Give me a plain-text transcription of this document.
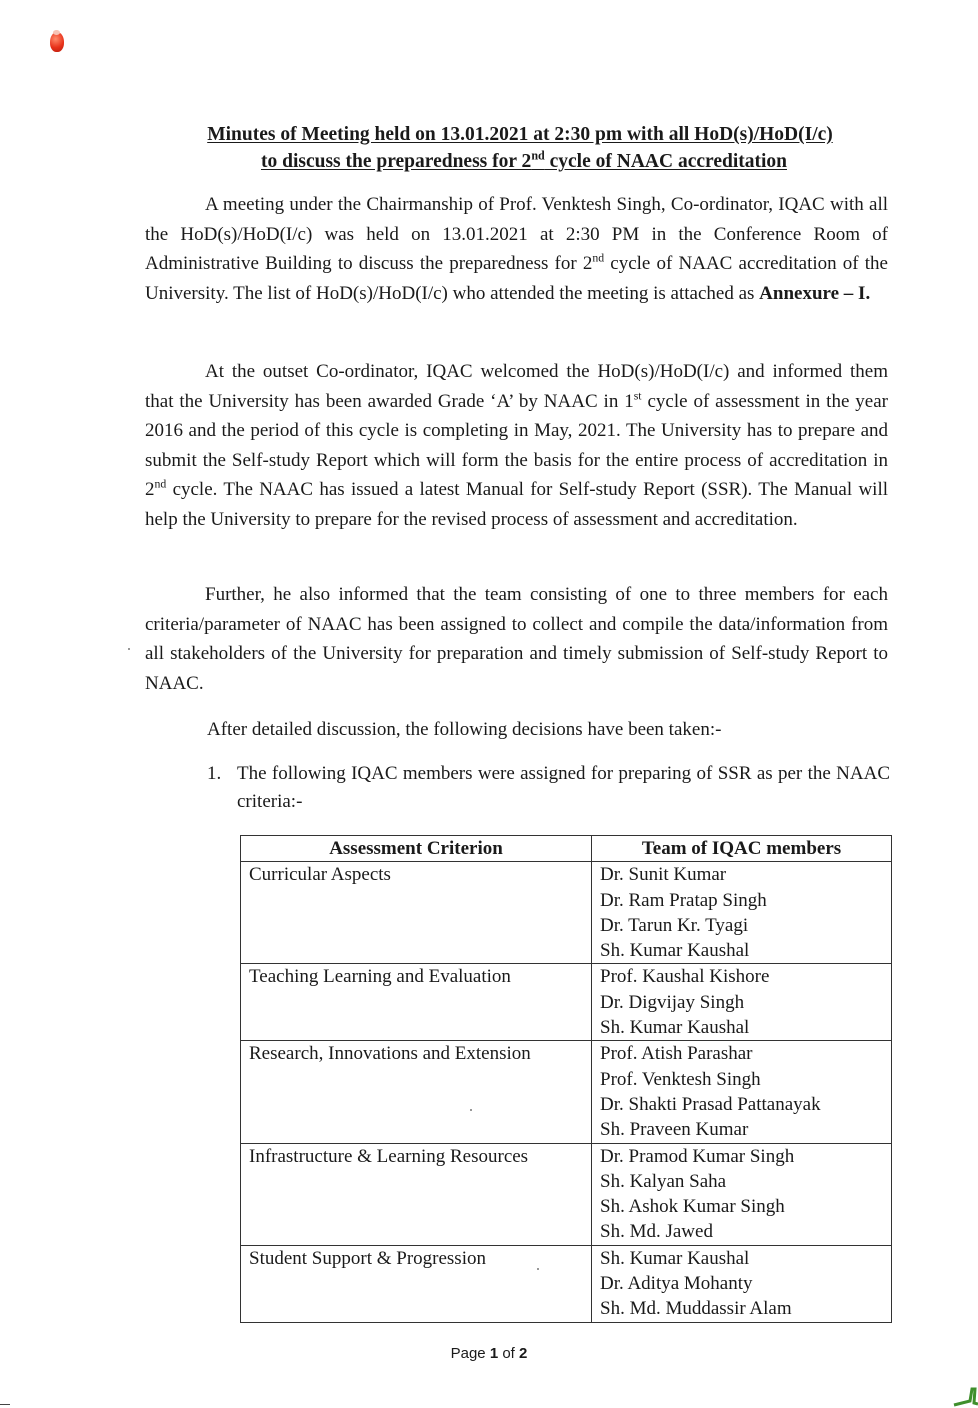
Minutes of Meeting held on 13.01.2021 at 2:30 pm with all HoD(s)/HoD(I/c)
to discuss the preparedness for 2nd cycle of NAAC accreditation
A meeting under the Chairmanship of Prof. Venktesh Singh, Co-ordinator, IQAC with all the HoD(s)/HoD(I/c) was held on 13.01.2021 at 2:30 PM in the Conference Room of Administrative Building to discuss the preparedness for 2nd cycle of NAAC accreditation of the University. The list of HoD(s)/HoD(I/c) who attended the meeting is attached as Annexure – I.
At the outset Co-ordinator, IQAC welcomed the HoD(s)/HoD(I/c) and informed them that the University has been awarded Grade ‘A’ by NAAC in 1st cycle of assessment in the year 2016 and the period of this cycle is completing in May, 2021. The University has to prepare and submit the Self-study Report which will form the basis for the entire process of accreditation in 2nd cycle. The NAAC has issued a latest Manual for Self-study Report (SSR). The Manual will help the University to prepare for the revised process of assessment and accreditation.
Further, he also informed that the team consisting of one to three members for each criteria/parameter of NAAC has been assigned to collect and compile the data/information from all stakeholders of the University for preparation and timely submission of Self-study Report to NAAC.
After detailed discussion, the following decisions have been taken:-
1. The following IQAC members were assigned for preparing of SSR as per the NAAC criteria:-
Assessment Criterion	Team of IQAC members
Curricular Aspects	Dr. Sunit Kumar
Dr. Ram Pratap Singh
Dr. Tarun Kr. Tyagi
Sh. Kumar Kaushal

Teaching Learning and Evaluation	Prof. Kaushal Kishore
Dr. Digvijay Singh
Sh. Kumar Kaushal

Research, Innovations and Extension	Prof. Atish Parashar
Prof. Venktesh Singh
Dr. Shakti Prasad Pattanayak
Sh. Praveen Kumar

Infrastructure & Learning Resources	Dr. Pramod Kumar Singh
Sh. Kalyan Saha
Sh. Ashok Kumar Singh
Sh. Md. Jawed

Student Support & Progression	Sh. Kumar Kaushal
Dr. Aditya Mohanty
Sh. Md. Muddassir Alam
Page 1 of 2
